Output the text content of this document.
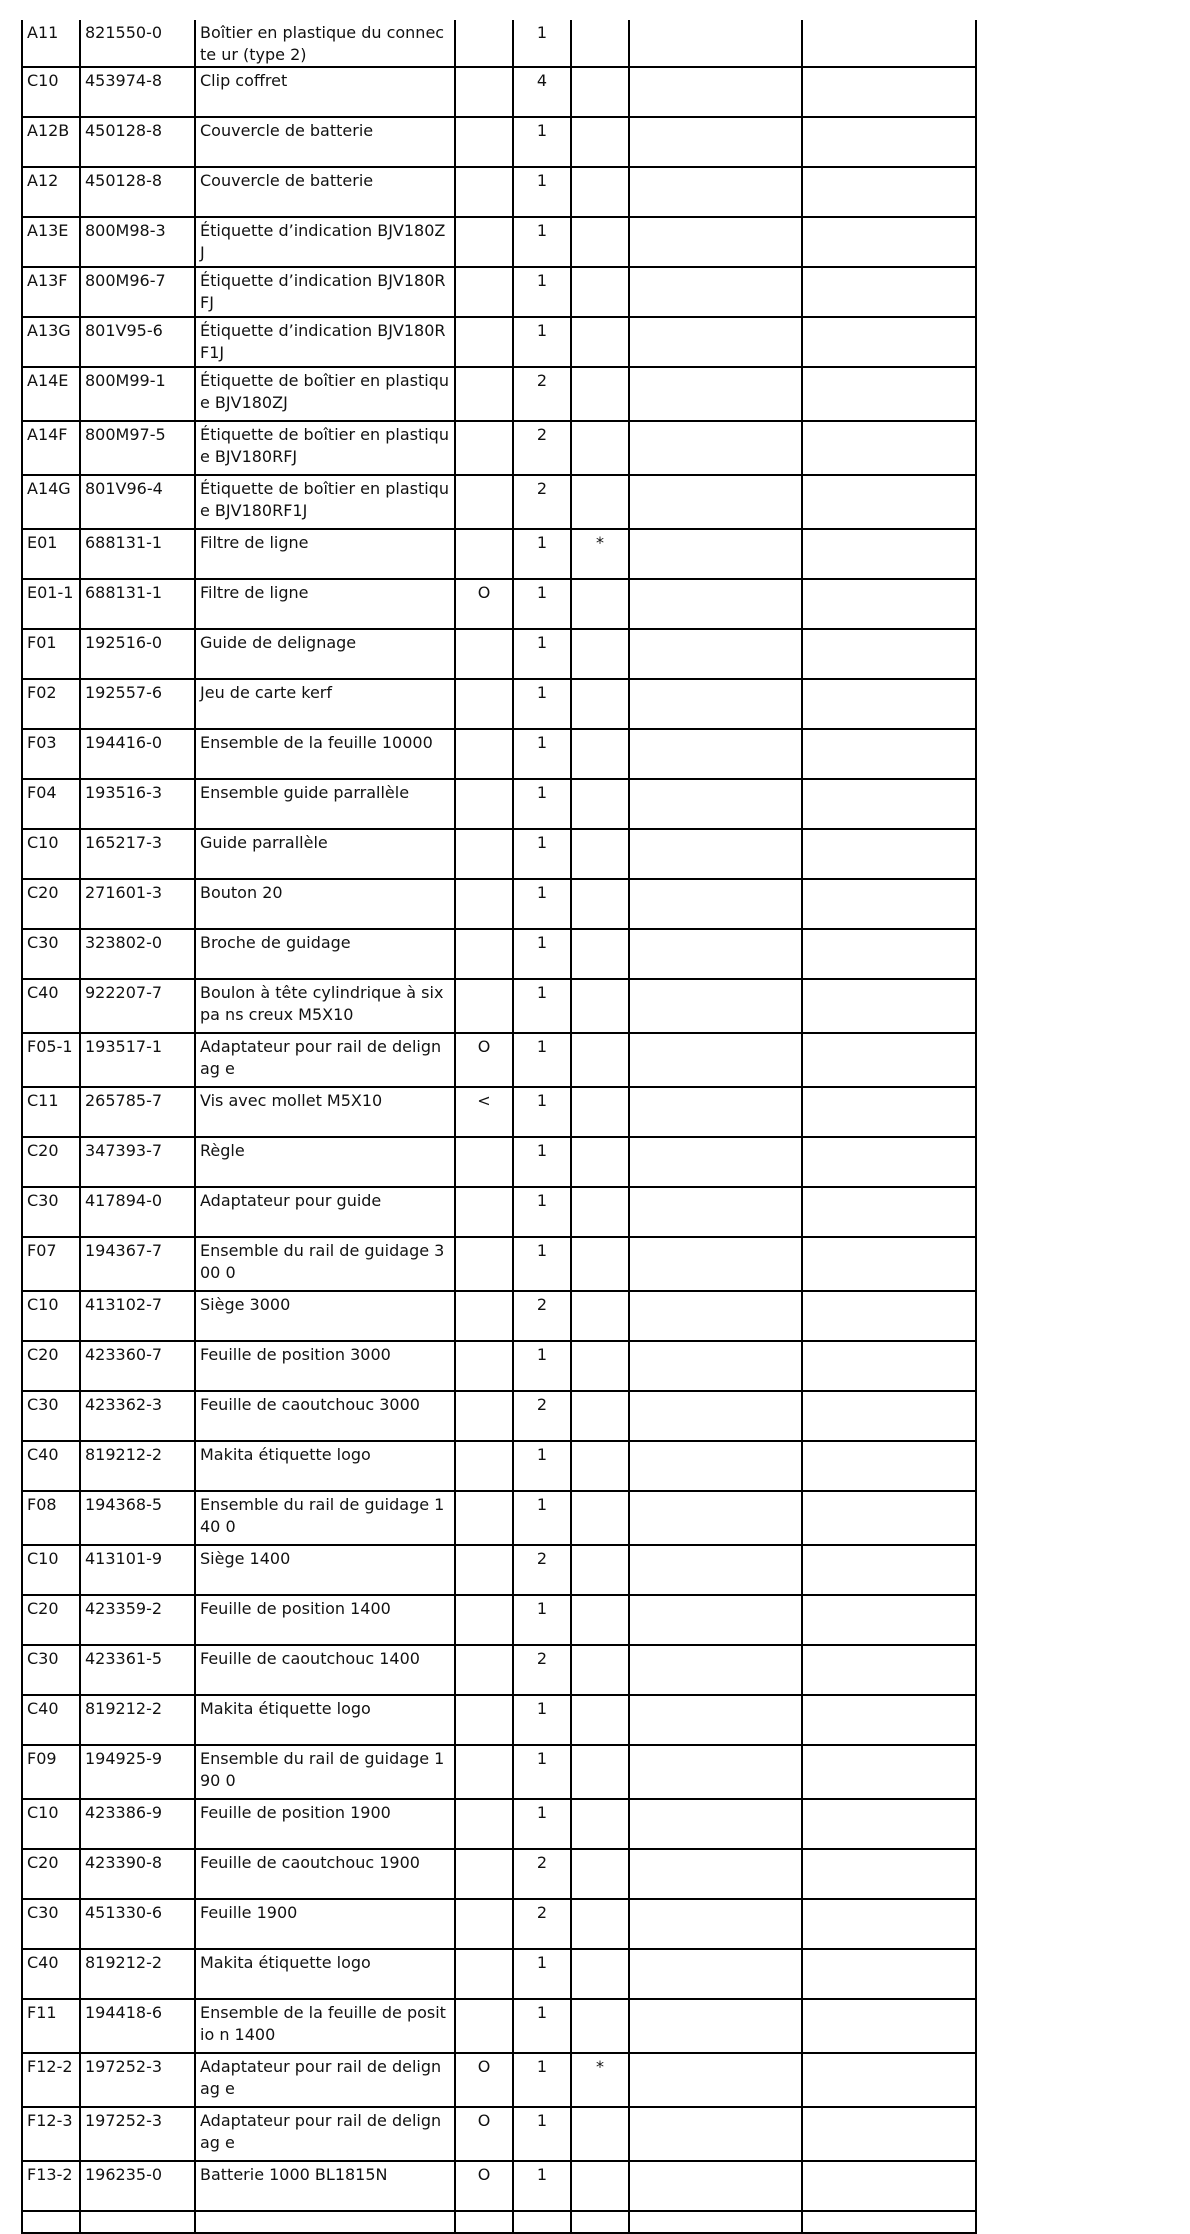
A11	821550-0	Boîtier en plastique du connecte ur (type 2)		1			
C10	453974-8	Clip coffret		4			
A12B	450128-8	Couvercle de batterie		1			
A12	450128-8	Couvercle de batterie		1			
A13E	800M98-3	Étiquette d’indication BJV180ZJ		1			
A13F	800M96-7	Étiquette d’indication BJV180RFJ		1			
A13G	801V95-6	Étiquette d’indication BJV180RF1J		1			
A14E	800M99-1	Étiquette de boîtier en plastique BJV180ZJ		2			
A14F	800M97-5	Étiquette de boîtier en plastique BJV180RFJ		2			
A14G	801V96-4	Étiquette de boîtier en plastique BJV180RF1J		2			
E01	688131-1	Filtre de ligne		1	*		
E01-1	688131-1	Filtre de ligne	O	1			
F01	192516-0	Guide de delignage		1			
F02	192557-6	Jeu de carte kerf		1			
F03	194416-0	Ensemble de la feuille 10000		1			
F04	193516-3	Ensemble guide parrallèle		1			
C10	165217-3	Guide parrallèle		1			
C20	271601-3	Bouton 20		1			
C30	323802-0	Broche de guidage		1			
C40	922207-7	Boulon à tête cylindrique à six pa ns creux M5X10		1			
F05-1	193517-1	Adaptateur pour rail de delignag e	O	1			
C11	265785-7	Vis avec mollet M5X10	<	1			
C20	347393-7	Règle		1			
C30	417894-0	Adaptateur pour guide		1			
F07	194367-7	Ensemble du rail de guidage 300 0		1			
C10	413102-7	Siège 3000		2			
C20	423360-7	Feuille de position 3000		1			
C30	423362-3	Feuille de caoutchouc 3000		2			
C40	819212-2	Makita étiquette logo		1			
F08	194368-5	Ensemble du rail de guidage 140 0		1			
C10	413101-9	Siège 1400		2			
C20	423359-2	Feuille de position 1400		1			
C30	423361-5	Feuille de caoutchouc 1400		2			
C40	819212-2	Makita étiquette logo		1			
F09	194925-9	Ensemble du rail de guidage 190 0		1			
C10	423386-9	Feuille de position 1900		1			
C20	423390-8	Feuille de caoutchouc 1900		2			
C30	451330-6	Feuille 1900		2			
C40	819212-2	Makita étiquette logo		1			
F11	194418-6	Ensemble de la feuille de positio n 1400		1			
F12-2	197252-3	Adaptateur pour rail de delignag e	O	1	*		
F12-3	197252-3	Adaptateur pour rail de delignag e	O	1			
F13-2	196235-0	Batterie 1000 BL1815N	O	1			
